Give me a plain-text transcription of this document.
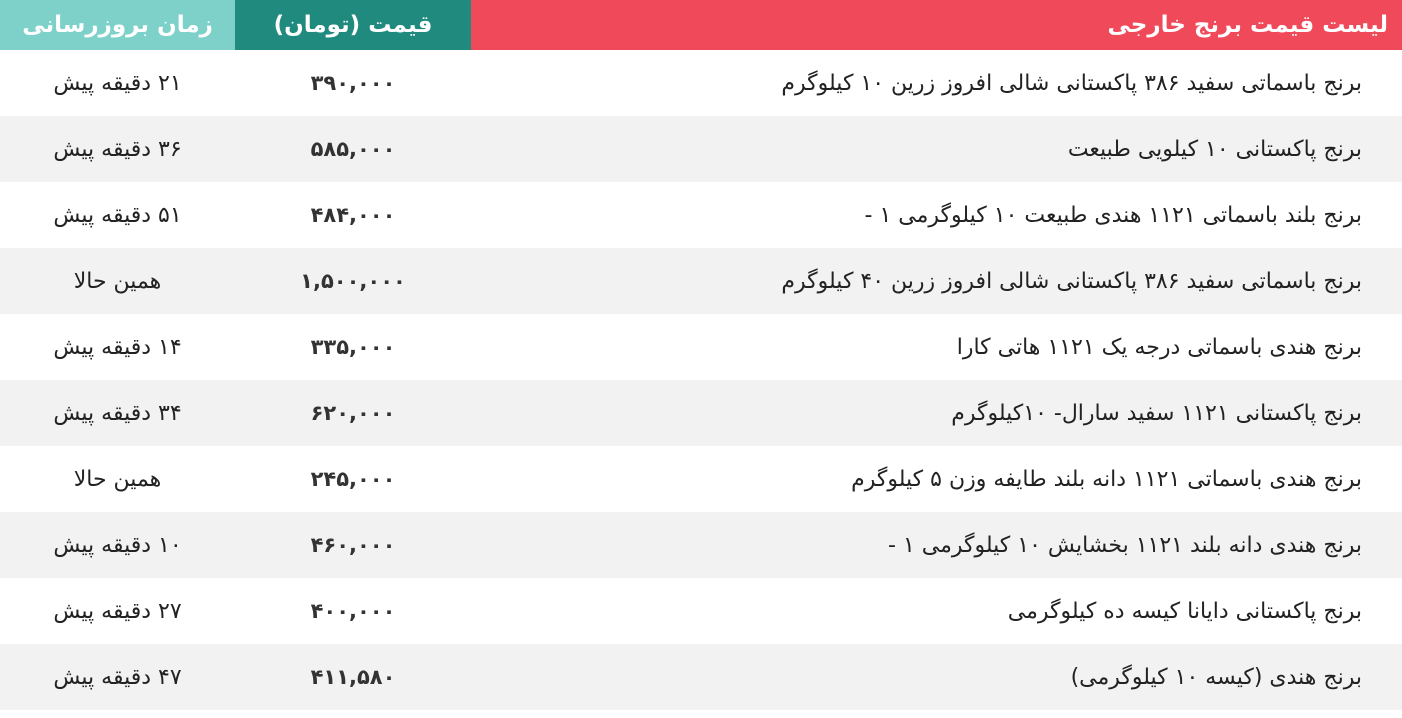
لیست قیمت برنج خارجی
قیمت (تومان)
زمان بروزرسانی
برنج باسماتی سفید ۳۸۶ پاکستانی شالی افروز زرین ۱۰ کیلوگرم
۳۹۰,۰۰۰
۲۱ دقیقه پیش
برنج پاکستانی ۱۰ کیلویی طبیعت
۵۸۵,۰۰۰
۳۶ دقیقه پیش
برنج بلند باسماتی ۱۱۲۱ هندی طبیعت ۱۰ کیلوگرمی ۱ -
۴۸۴,۰۰۰
۵۱ دقیقه پیش
برنج باسماتی سفید ۳۸۶ پاکستانی شالی افروز زرین ۴۰ کیلوگرم
۱,۵۰۰,۰۰۰
همین حالا
برنج هندی باسماتی درجه یک ۱۱۲۱ هاتی کارا
۳۳۵,۰۰۰
۱۴ دقیقه پیش
برنج پاکستانی ۱۱۲۱ سفید سارال- ۱۰کیلوگرم
۶۲۰,۰۰۰
۳۴ دقیقه پیش
برنج هندی باسماتی ۱۱۲۱ دانه بلند طایفه وزن ۵ کیلوگرم
۲۴۵,۰۰۰
همین حالا
برنج هندی دانه بلند ۱۱۲۱ بخشایش ۱۰ کیلوگرمی ۱ -
۴۶۰,۰۰۰
۱۰ دقیقه پیش
برنج پاکستانی دایانا کیسه ده کیلوگرمی
۴۰۰,۰۰۰
۲۷ دقیقه پیش
برنج هندی (کیسه ۱۰ کیلوگرمی)
۴۱۱,۵۸۰
۴۷ دقیقه پیش
